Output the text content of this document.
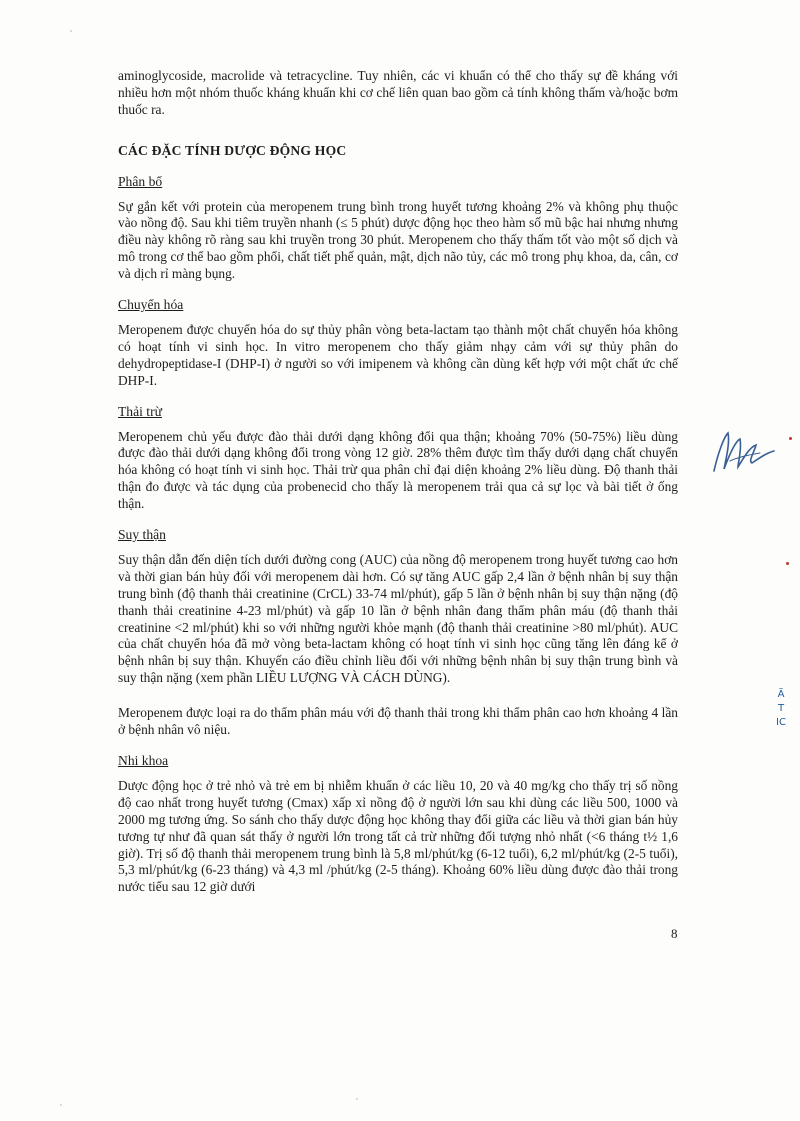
aminoglycoside, macrolide và tetracycline. Tuy nhiên, các vi khuẩn có thể cho thấy sự đề kháng với nhiều hơn một nhóm thuốc kháng khuẩn khi cơ chế liên quan bao gồm cả tính không thấm và/hoặc bơm thuốc ra.

CÁC ĐẶC TÍNH DƯỢC ĐỘNG HỌC
Phân bố

Sự gắn kết với protein của meropenem trung bình trong huyết tương khoảng 2% và không phụ thuộc vào nồng độ. Sau khi tiêm truyền nhanh (≤ 5 phút) dược động học theo hàm số mũ bậc hai nhưng nhưng điều này không rõ ràng sau khi truyền trong 30 phút. Meropenem cho thấy thấm tốt vào một số dịch và mô trong cơ thể bao gồm phổi, chất tiết phế quản, mật, dịch não tủy, các mô trong phụ khoa, da, cân, cơ và dịch rỉ màng bụng.

Chuyển hóa

Meropenem được chuyển hóa do sự thủy phân vòng beta-lactam tạo thành một chất chuyển hóa không có hoạt tính vi sinh học. In vitro meropenem cho thấy giảm nhạy cảm với sự thủy phân do dehydropeptidase-I (DHP-I) ở người so với imipenem và không cần dùng kết hợp với một chất ức chế DHP-I.

Thải trừ

Meropenem chủ yếu được đào thải dưới dạng không đổi qua thận; khoảng 70% (50-75%) liều dùng được đào thải dưới dạng không đổi trong vòng 12 giờ. 28% thêm được tìm thấy dưới dạng chất chuyển hóa không có hoạt tính vi sinh học. Thải trừ qua phân chỉ đại diện khoảng 2% liều dùng. Độ thanh thải thận đo được và tác dụng của probenecid cho thấy là meropenem trải qua cả sự lọc và bài tiết ở ống thận.

Suy thận

Suy thận dẫn đến diện tích dưới đường cong (AUC) của nồng độ meropenem trong huyết tương cao hơn và thời gian bán hủy đối với meropenem dài hơn. Có sự tăng AUC gấp 2,4 lần ở bệnh nhân bị suy thận trung bình (độ thanh thải creatinine (CrCL) 33-74 ml/phút), gấp 5 lần ở bệnh nhân bị suy thận nặng (độ thanh thải creatinine 4-23 ml/phút) và gấp 10 lần ở bệnh nhân đang thẩm phân máu (độ thanh thải creatinine <2 ml/phút) khi so với những người khỏe mạnh (độ thanh thải creatinine >80 ml/phút). AUC của chất chuyển hóa đã mở vòng beta-lactam không có hoạt tính vi sinh học cũng tăng lên đáng kể ở bệnh nhân bị suy thận. Khuyến cáo điều chỉnh liều đối với những bệnh nhân bị suy thận trung bình và suy thận nặng (xem phần LIỀU LƯỢNG VÀ CÁCH DÙNG).

Meropenem được loại ra do thẩm phân máu với độ thanh thải trong khi thẩm phân cao hơn khoảng 4 lần ở bệnh nhân vô niệu.

Nhi khoa

Dược động học ở trẻ nhỏ và trẻ em bị nhiễm khuẩn ở các liều 10, 20 và 40 mg/kg cho thấy trị số nồng độ cao nhất trong huyết tương (Cmax) xấp xỉ nồng độ ở người lớn sau khi dùng các liều 500, 1000 và 2000 mg tương ứng. So sánh cho thấy dược động học không thay đổi giữa các liều và thời gian bán hủy tương tự như đã quan sát thấy ở người lớn trong tất cả trừ những đối tượng nhỏ nhất (<6 tháng t½ 1,6 giờ). Trị số độ thanh thải meropenem trung bình là 5,8 ml/phút/kg (6-12 tuổi), 6,2 ml/phút/kg (2-5 tuổi), 5,3 ml/phút/kg (6-23 tháng) và 4,3 ml /phút/kg (2-5 tháng). Khoảng 60% liều dùng được đào thải trong nước tiểu sau 12 giờ dưới

8
Ã
T
IC
